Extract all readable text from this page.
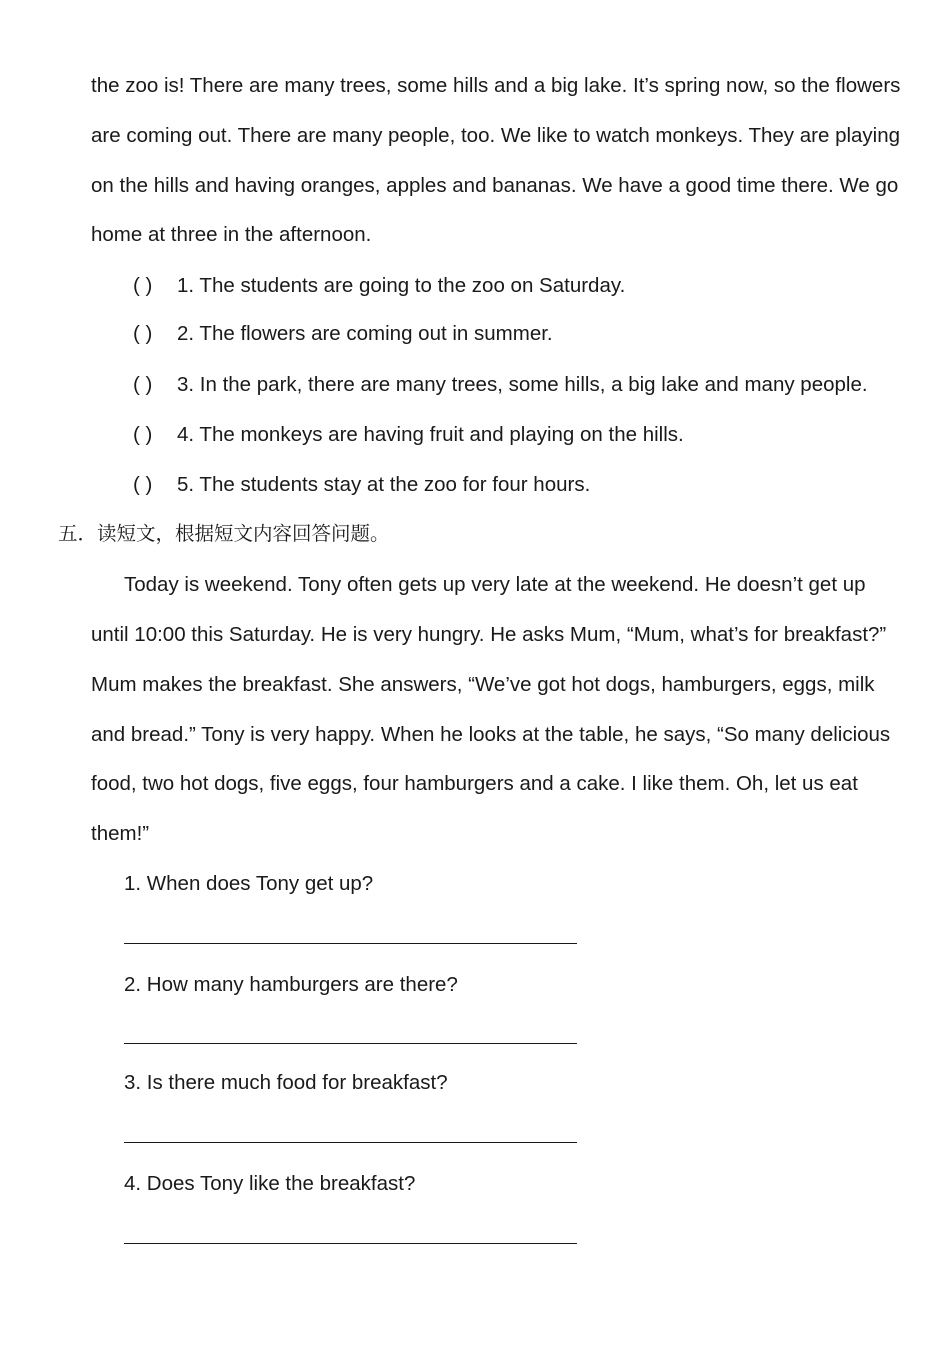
the zoo is! There are many trees, some hills and a big lake. It’s spring now, so the flowers
are coming out. There are many people, too. We like to watch monkeys. They are playing
on the hills and having oranges, apples and bananas. We have a good time there. We go
home at three in the afternoon.
( ) 1. The students are going to the zoo on Saturday.
( ) 2. The flowers are coming out in summer.
( ) 3. In the park, there are many trees, some hills, a big lake and many people.
( ) 4. The monkeys are having fruit and playing on the hills.
( ) 5. The students stay at the zoo for four hours.
五．读短文，根据短文内容回答问题。
Today is weekend. Tony often gets up very late at the weekend. He doesn’t get up
until 10:00 this Saturday. He is very hungry. He asks Mum, “Mum, what’s for breakfast?”
Mum makes the breakfast. She answers, “We’ve got hot dogs, hamburgers, eggs, milk
and bread.” Tony is very happy. When he looks at the table, he says, “So many delicious
food, two hot dogs, five eggs, four hamburgers and a cake. I like them. Oh, let us eat
them!”
1. When does Tony get up?
2. How many hamburgers are there?
3. Is there much food for breakfast?
4. Does Tony like the breakfast?
